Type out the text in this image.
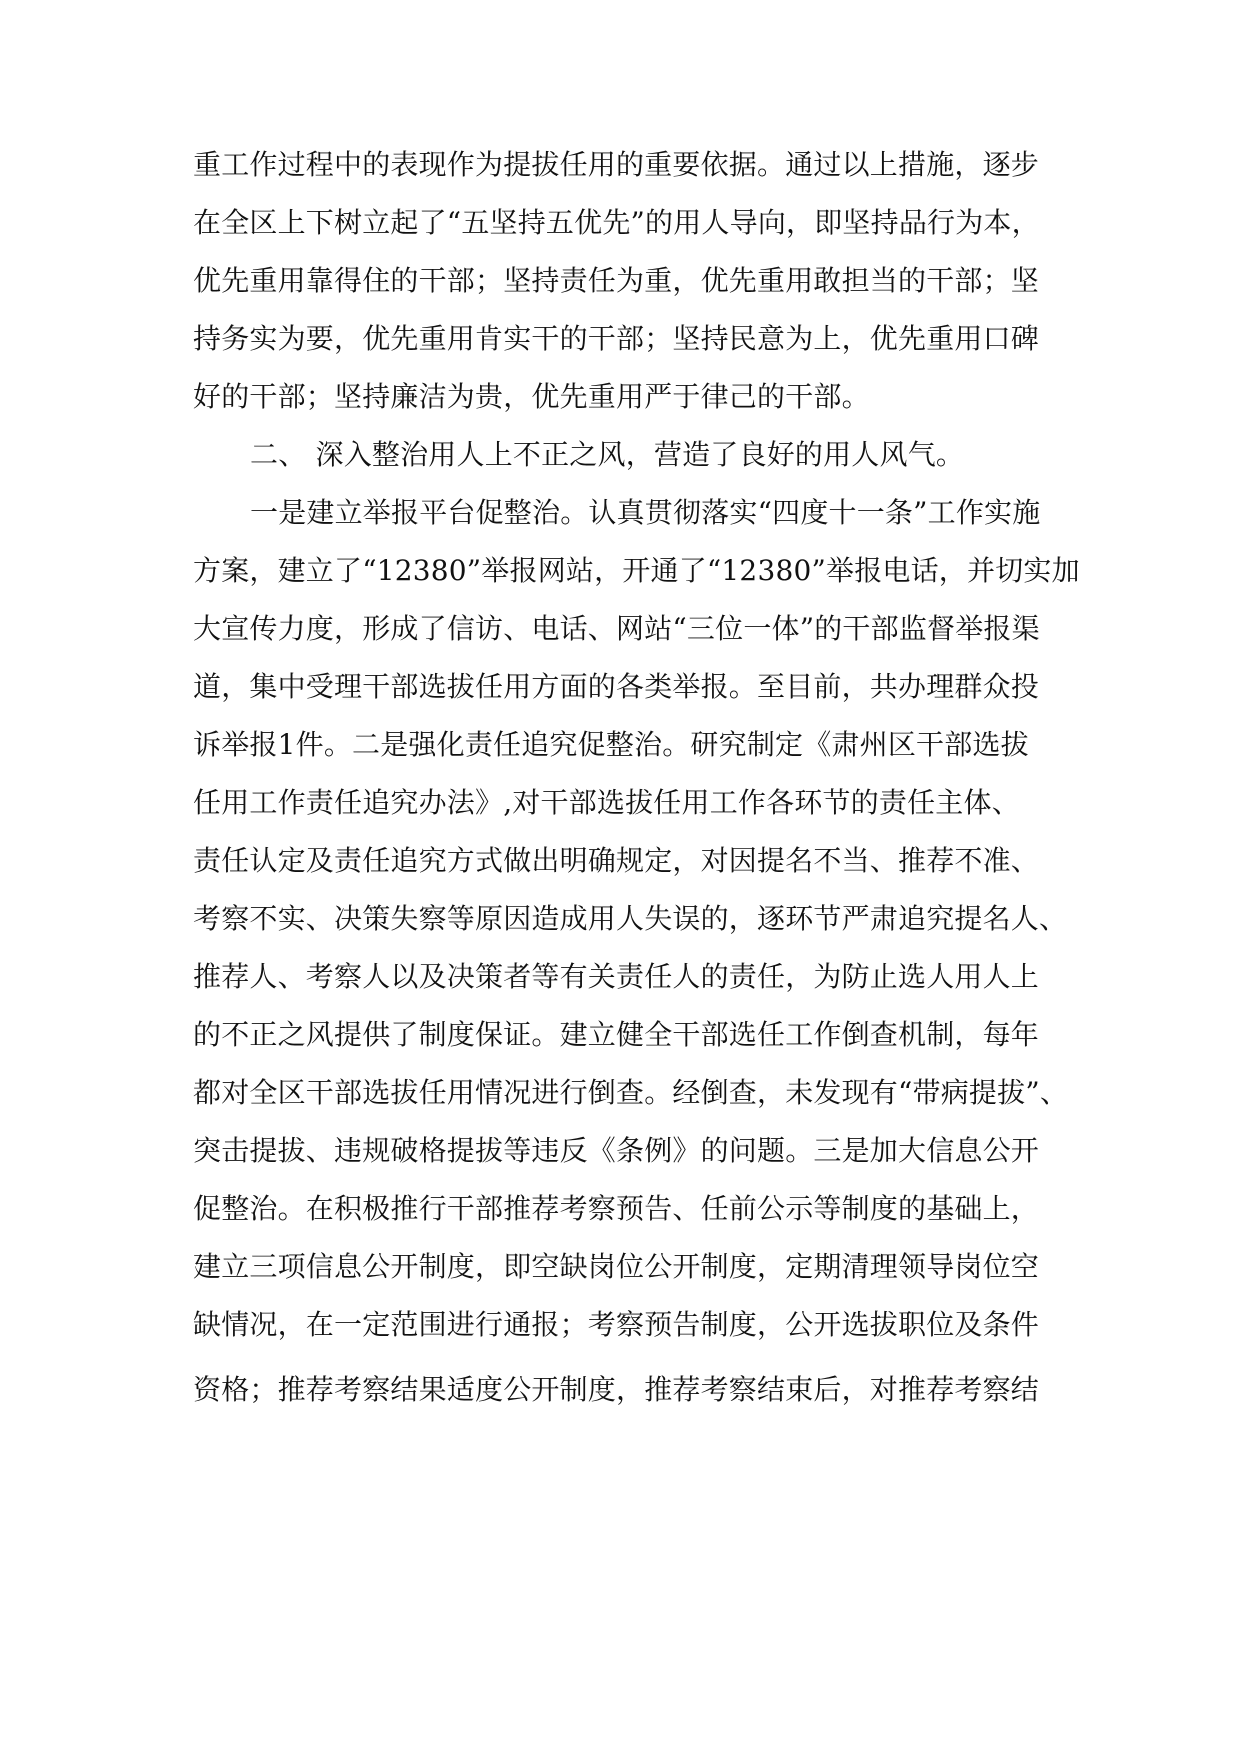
重工作过程中的表现作为提拔任用的重要依据。通过以上措施，逐步
在全区上下树立起了“五坚持五优先”的用人导向，即坚持品行为本，
优先重用靠得住的干部；坚持责任为重，优先重用敢担当的干部；坚
持务实为要，优先重用肯实干的干部；坚持民意为上，优先重用口碑
好的干部；坚持廉洁为贵，优先重用严于律己的干部。
二、 深入整治用人上不正之风，营造了良好的用人风气。
一是建立举报平台促整治。认真贯彻落实“四度十一条”工作实施
方案，建立了“12380”举报网站，开通了“12380”举报电话，并切实加
大宣传力度，形成了信访、电话、网站“三位一体”的干部监督举报渠
道，集中受理干部选拔任用方面的各类举报。至目前，共办理群众投
诉举报1件。二是强化责任追究促整治。研究制定《肃州区干部选拔
任用工作责任追究办法》,对干部选拔任用工作各环节的责任主体、
责任认定及责任追究方式做出明确规定，对因提名不当、推荐不准、
考察不实、决策失察等原因造成用人失误的，逐环节严肃追究提名人、
推荐人、考察人以及决策者等有关责任人的责任，为防止选人用人上
的不正之风提供了制度保证。建立健全干部选任工作倒查机制，每年
都对全区干部选拔任用情况进行倒查。经倒查，未发现有“带病提拔”、
突击提拔、违规破格提拔等违反《条例》的问题。三是加大信息公开
促整治。在积极推行干部推荐考察预告、任前公示等制度的基础上，
建立三项信息公开制度，即空缺岗位公开制度，定期清理领导岗位空
缺情况，在一定范围进行通报；考察预告制度，公开选拔职位及条件
资格；推荐考察结果适度公开制度，推荐考察结束后，对推荐考察结
